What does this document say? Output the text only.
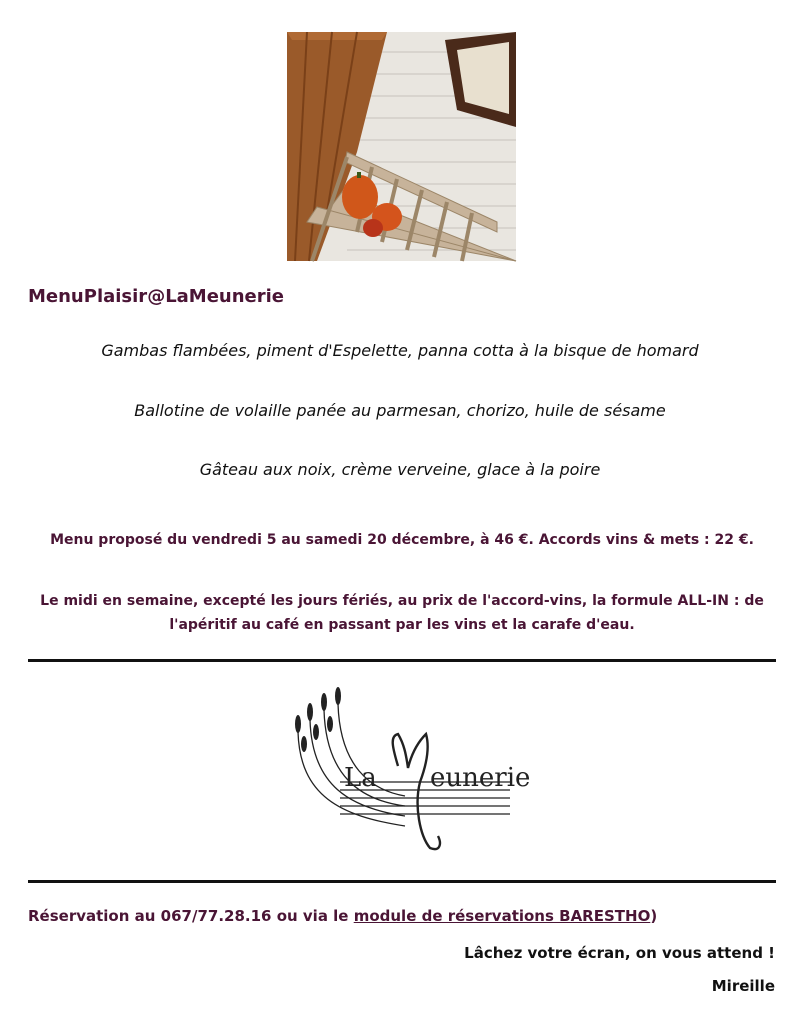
MenuPlaisir@LaMeunerie
Gambas flambées, piment d'Espelette, panna cotta à la bisque de homard
Ballotine de volaille panée au parmesan, chorizo, huile de sésame
Gâteau aux noix, crème verveine, glace à la poire
Menu proposé du vendredi 5 au samedi 20 décembre, à 46 €. Accords vins & mets : 22 €.
Le midi en semaine, excepté les jours fériés, au prix de l'accord-vins, la formule ALL-IN : de l'apéritif au café en passant par les vins et la carafe d'eau.
La eunerie
Réservation au 067/77.28.16 ou via le module de réservations BARESTHO)
Lâchez votre écran, on vous attend !
Mireille
